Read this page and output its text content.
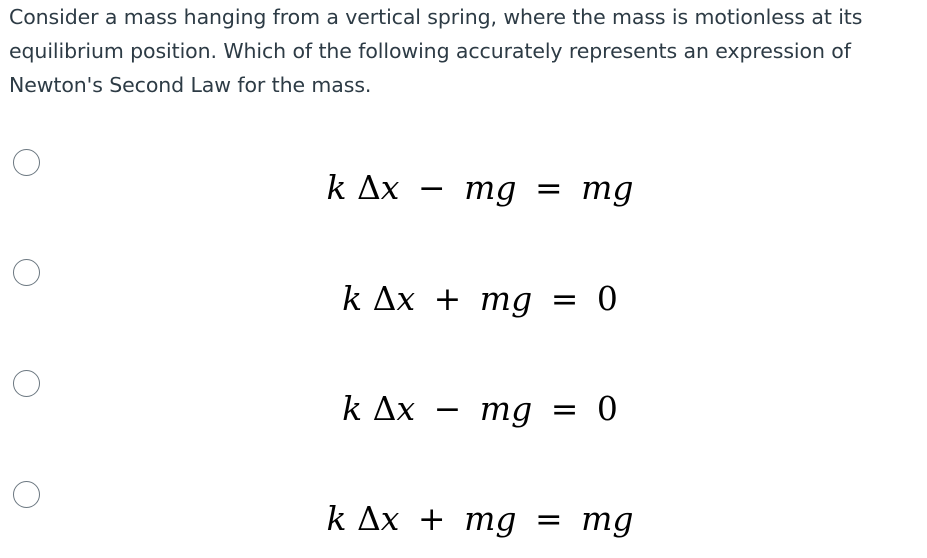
Consider a mass hanging from a vertical spring, where the mass is motionless at its equilibrium position. Which of the following accurately represents an expression of Newton's Second Law for the mass.
k Δx − mg = mg
k Δx + mg = 0
k Δx − mg = 0
k Δx + mg = mg
